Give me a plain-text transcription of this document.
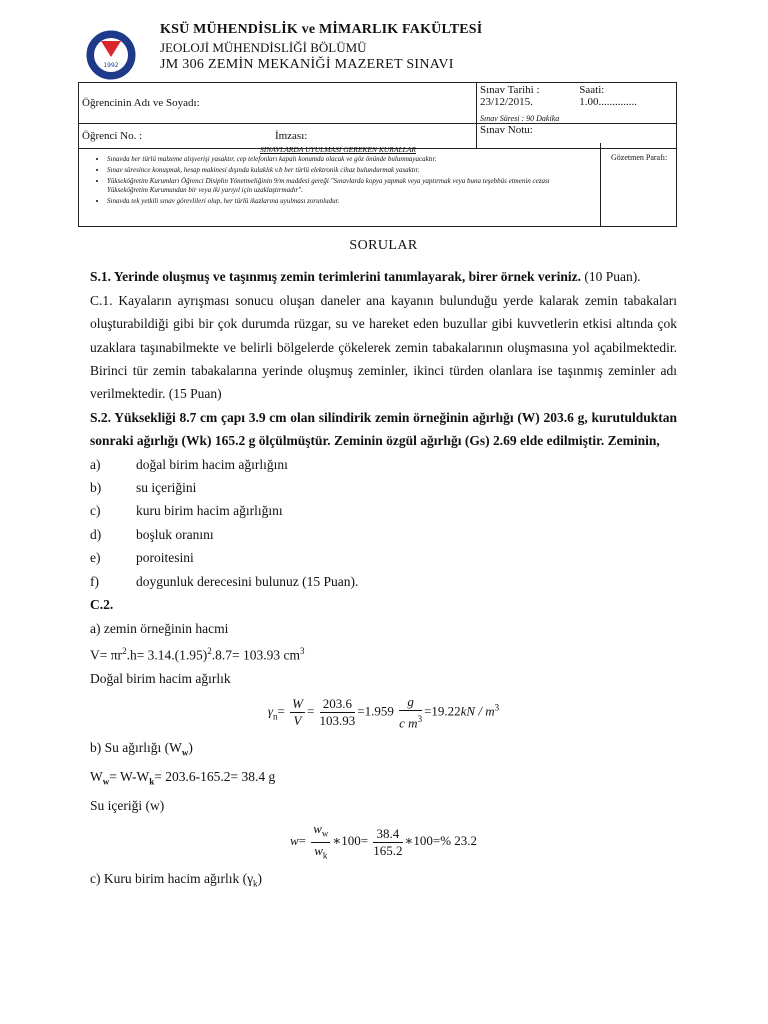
1992
KSÜ MÜHENDİSLİK ve MİMARLIK FAKÜLTESİ
JEOLOJİ MÜHENDİSLİĞİ BÖLÜMÜ
JM 306 ZEMİN MEKANİĞİ MAZERET SINAVI
Öğrencinin Adı ve Soyadı:	Sınav Tarihi : 23/12/2015.
Saati: 1.00..............
Sınav Süresi : 90 Dakika

Öğrenci No. : İmzası:	Sınav Notu:
SINAVLARDA UYULMASI GEREKEN KURALLAR
• Sınavda her türlü malzeme alışverişi yasaktır, cep telefonları kapalı konumda olacak ve göz önünde bulunmayacaktır.
• Sınav süresince konuşmak, hesap makinesi dışında kulaklık v.b her türlü elektronik cihaz bulundurmak yasaktır.
• Yükseköğretim Kurumları Öğrenci Disiplin Yönetmeliğinin 9/m maddesi gereği "Sınavlarda kopya yapmak veya yaptırmak veya buna teşebbüs etmenin cezası Yükseköğretim Kurumundan bir veya iki yarıyıl için uzaklaştırmadır".
• Sınavda tek yetkili sınav görevlileri olup, her türlü ikazlarına uyulması zorunludur.
Gözetmen Parafı:
SORULAR
S.1. Yerinde oluşmuş ve taşınmış zemin terimlerini tanımlayarak, birer örnek veriniz. (10 Puan).
C.1. Kayaların ayrışması sonucu oluşan daneler ana kayanın bulunduğu yerde kalarak zemin tabakaları oluşturabildiği gibi bir çok durumda rüzgar, su ve hareket eden buzullar gibi kuvvetlerin etkisi altında çok uzaklara taşınabilmekte ve belirli bölgelerde çökelerek zemin tabakalarının oluşmasına yol açabilmektedir. Birinci tür zemin tabakalarına yerinde oluşmuş zeminler, ikinci türden olanlara ise taşınmış zeminler adı verilmektedir. (15 Puan)
S.2. Yüksekliği 8.7 cm çapı 3.9 cm olan silindirik zemin örneğinin ağırlığı (W) 203.6 g, kurutulduktan sonraki ağırlığı (Wk) 165.2 g ölçülmüştür. Zeminin özgül ağırlığı (Gs) 2.69 elde edilmiştir. Zeminin,
a)	doğal birim hacim ağırlığını
b)	su içeriğini
c)	kuru birim hacim ağırlığını
d)	boşluk oranını
e)	poroitesini
f)	doygunluk derecesini bulunuz (15 Puan).
C.2.
a) zemin örneğinin hacmi
$V= \pi r^2.h= 3.14.(1.95)^2.8.7= 103.93$ $cm^3$
Doğal birim hacim ağırlık
$\gamma_n= \frac{W}{V} = \frac{203.6}{103.93} =1.959 \frac{g}{c m^3} =19.22kN / m^3$
b) Su ağırlığı $(W_w)$
$W_w= W-W_k= 203.6-165.2= 38.4$ g
Su içeriği (w)
$w= \frac{w_w}{w_k}$ ∗100= $\frac{38.4}{165.2}$ ∗100=% 23.2
c) Kuru birim hacim ağırlık $(\gamma_k)$
